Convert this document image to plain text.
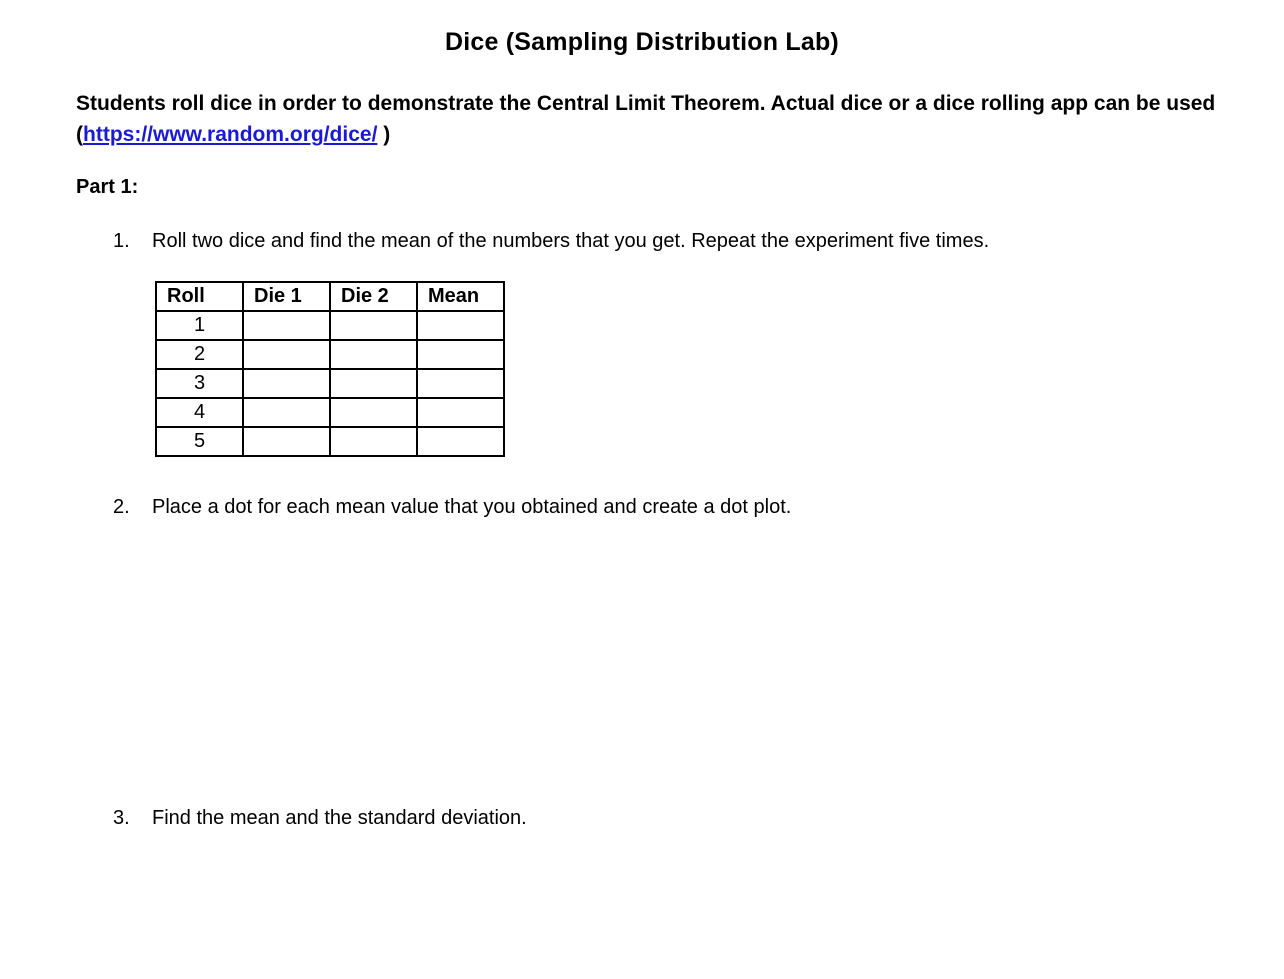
Dice (Sampling Distribution Lab)
Students roll dice in order to demonstrate the Central Limit Theorem. Actual dice or a dice rolling app can be used (https://www.random.org/dice/ )
Part 1:
1.	Roll two dice and find the mean of the numbers that you get. Repeat the experiment five times.
Roll	Die 1	Die 2	Mean
1			
2			
3			
4			
5			
2.	Place a dot for each mean value that you obtained and create a dot plot.
3.	Find the mean and the standard deviation.
